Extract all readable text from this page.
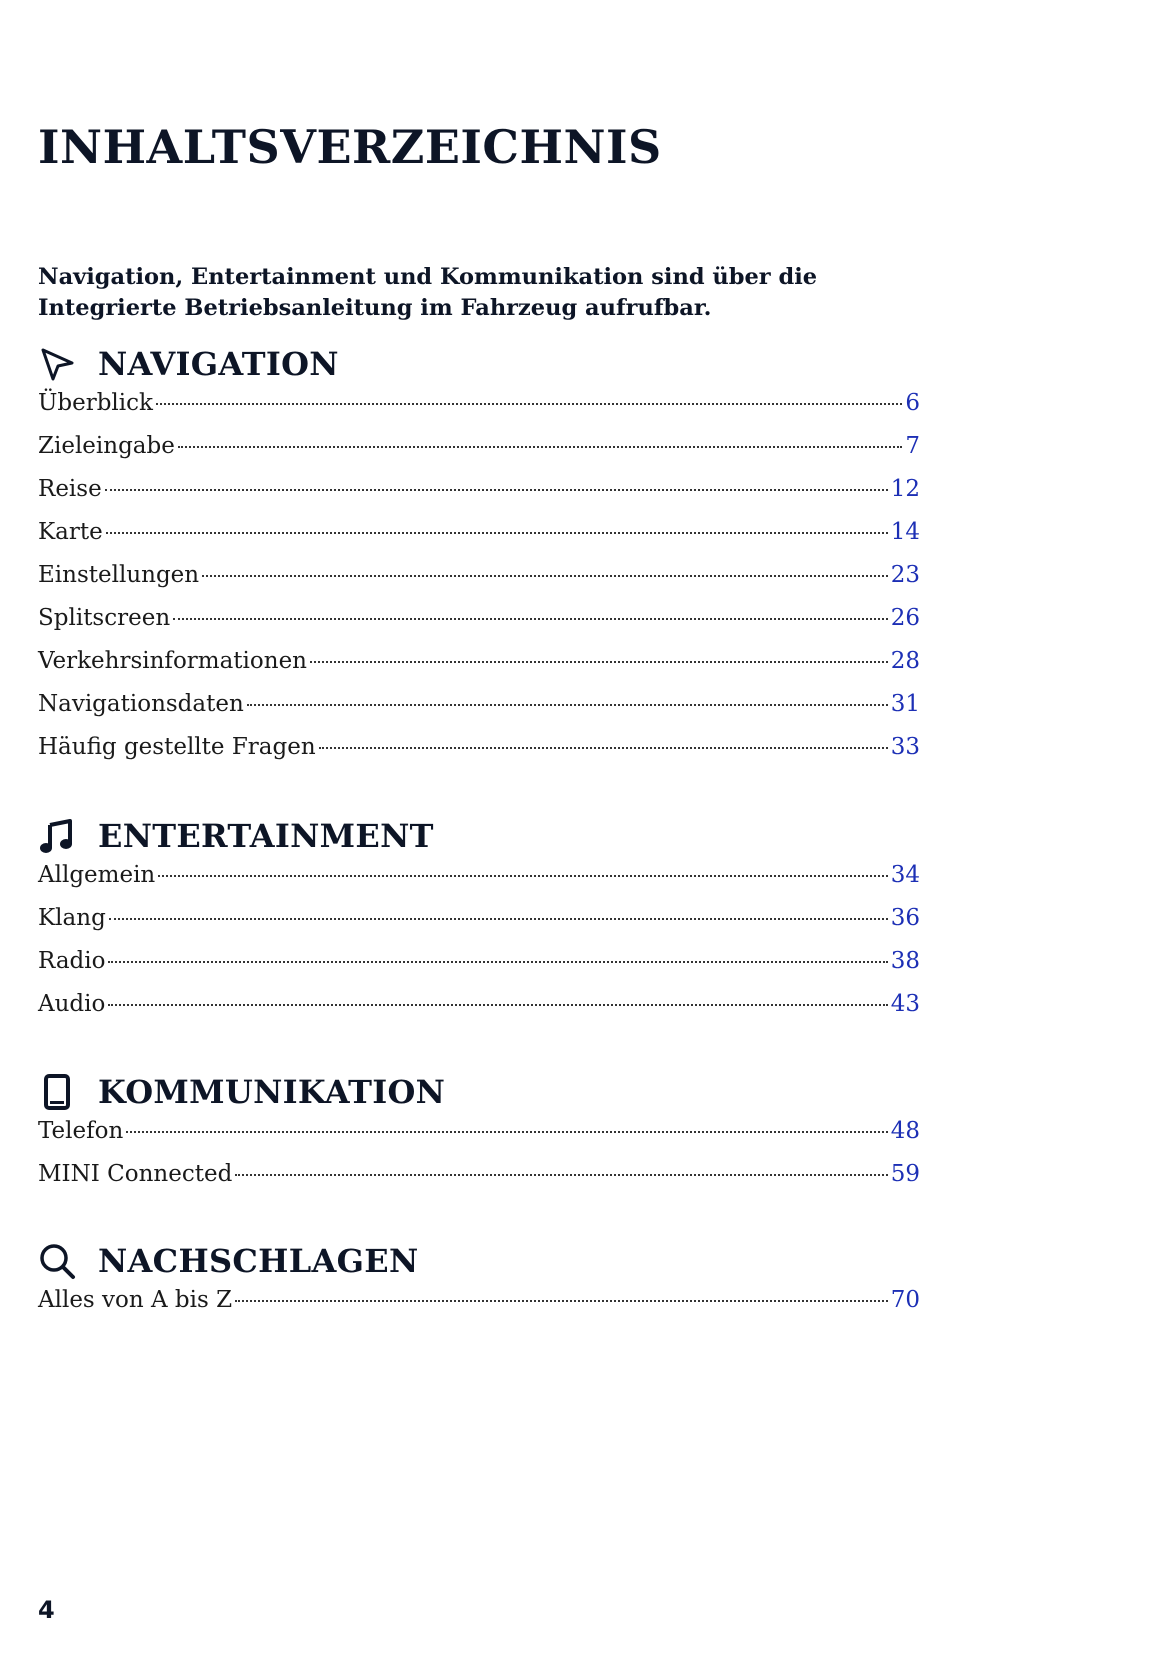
INHALTSVERZEICHNIS

Navigation, Entertainment und Kommunikation sind über die Integrierte Betriebsanleitung im Fahrzeug aufrufbar.

NAVIGATION
Überblick	6
Zieleingabe	7
Reise	12
Karte	14
Einstellungen	23
Splitscreen	26
Verkehrsinformationen	28
Navigationsdaten	31
Häufig gestellte Fragen	33
ENTERTAINMENT
Allgemein	34
Klang	36
Radio	38
Audio	43
KOMMUNIKATION
Telefon	48
MINI Connected	59
NACHSCHLAGEN
Alles von A bis Z	70
4
